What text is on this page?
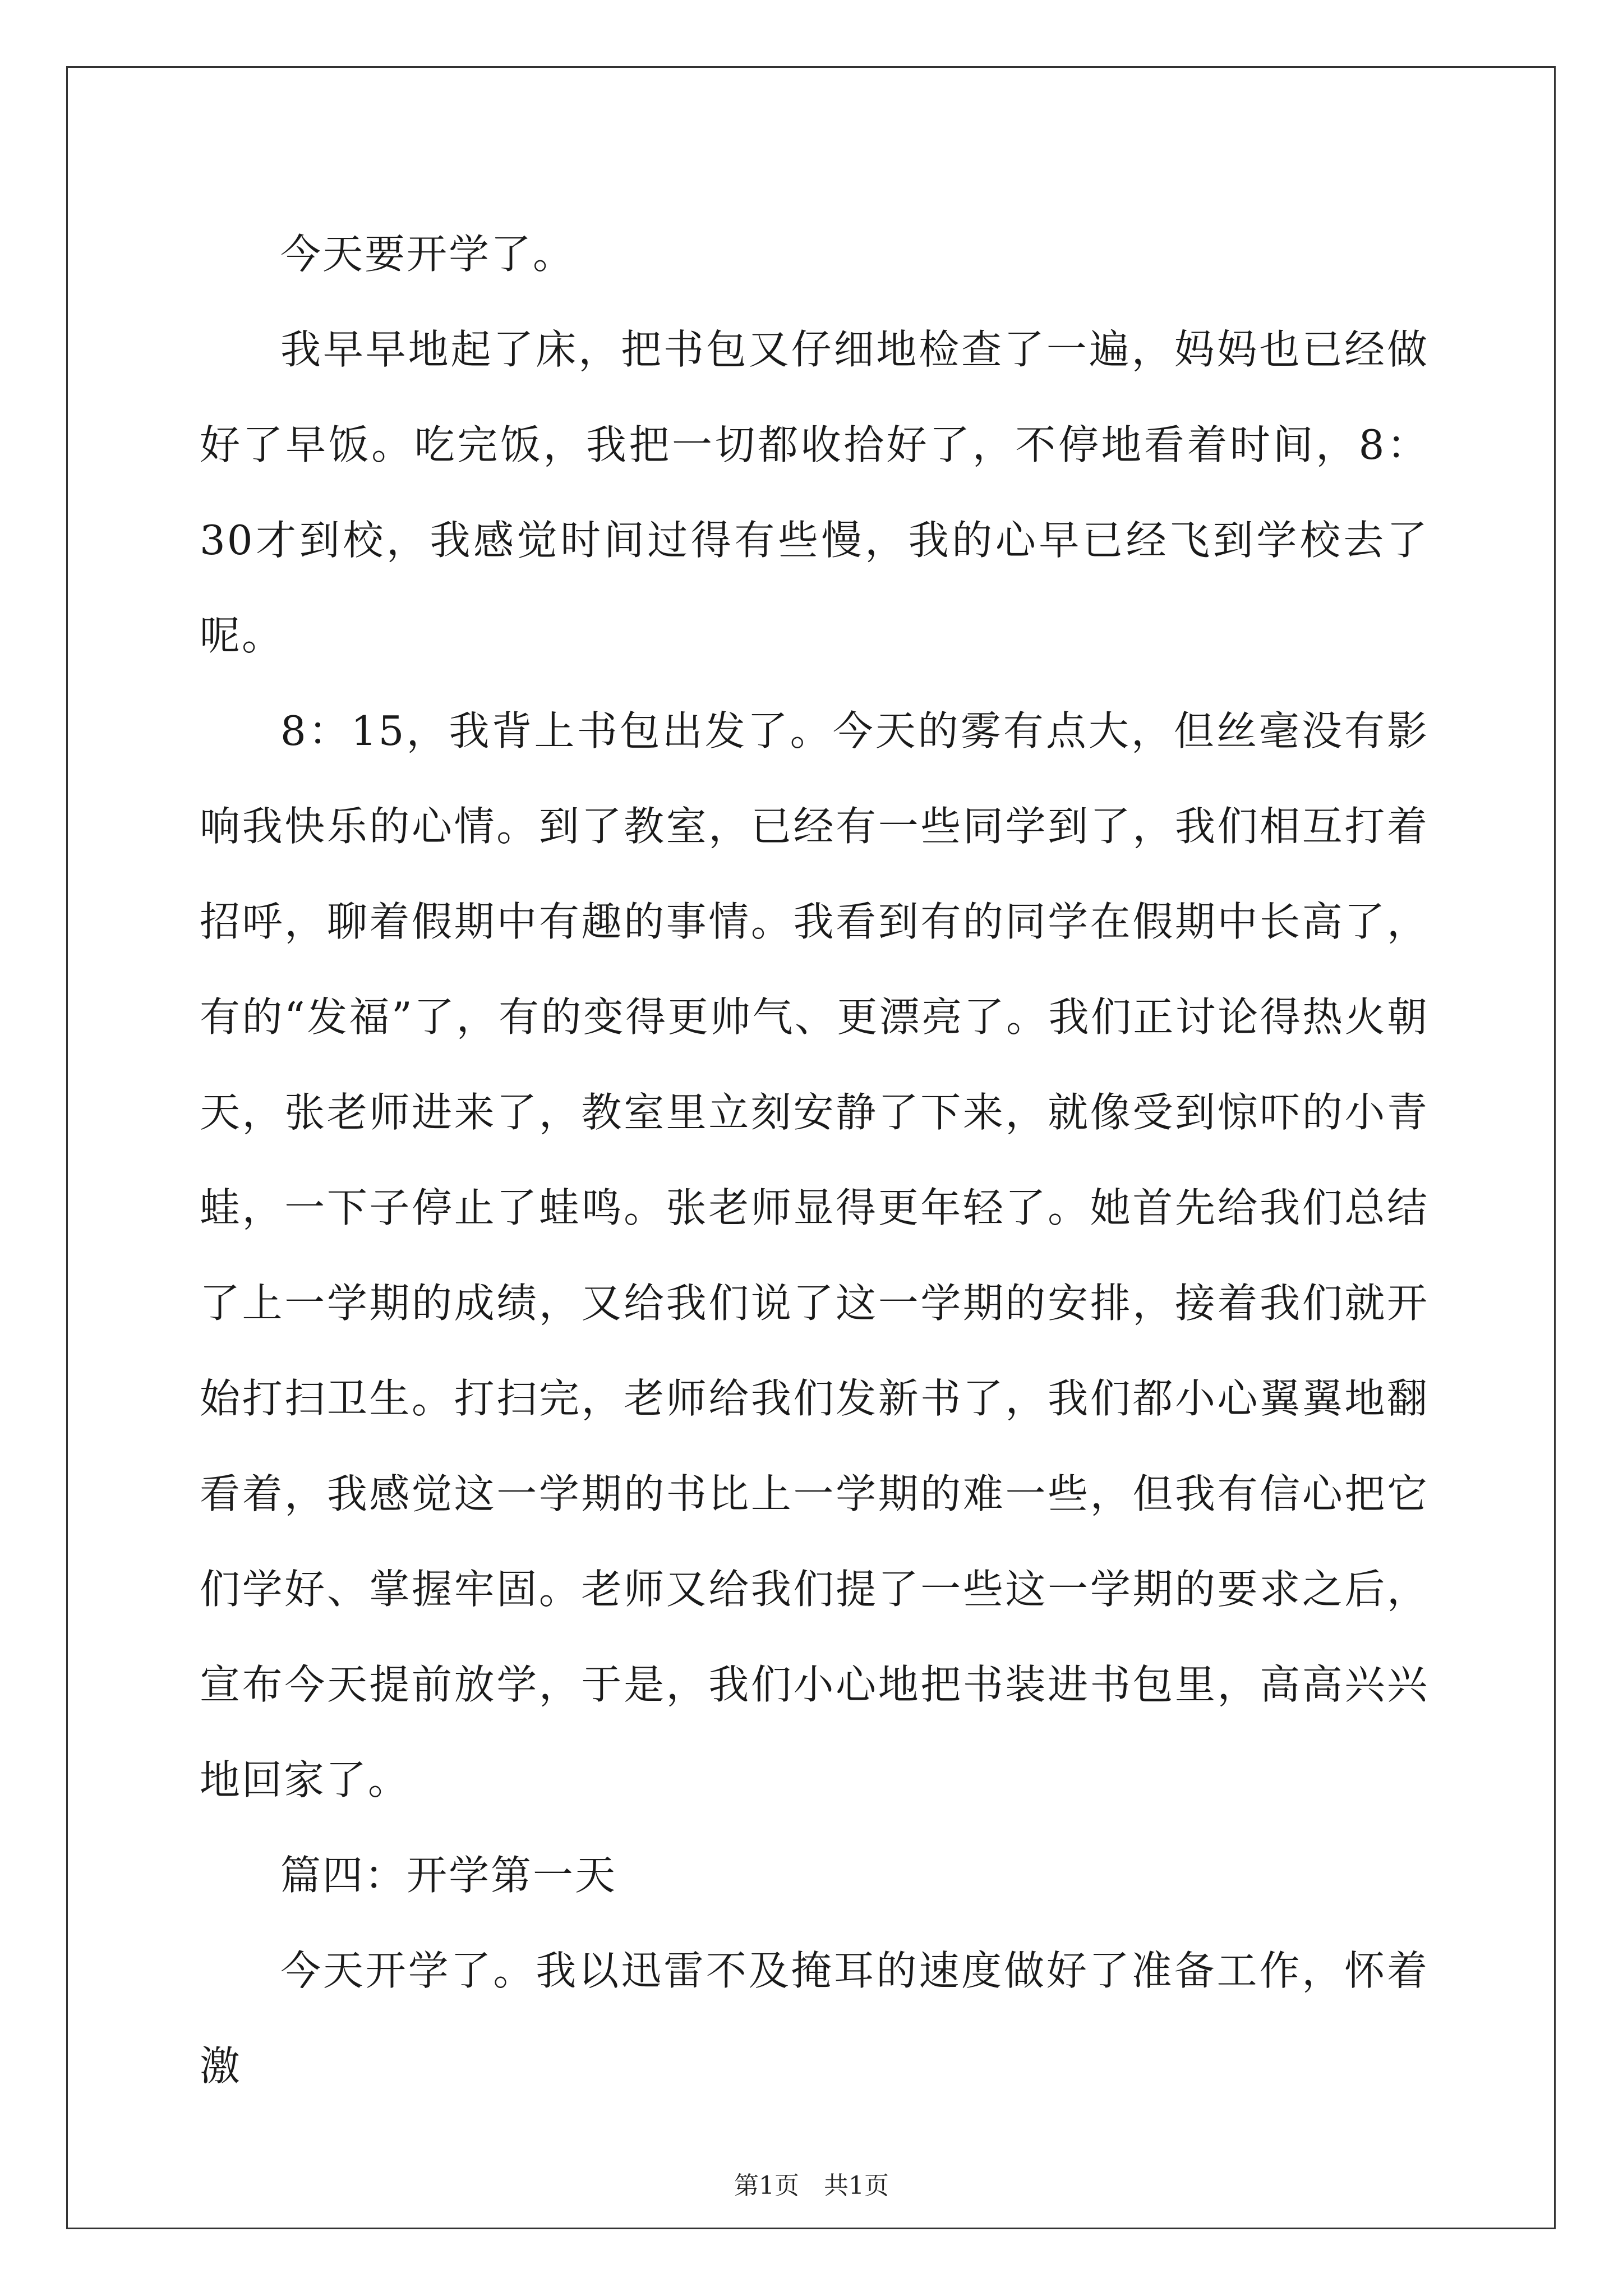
今天要开学了。

我早早地起了床，把书包又仔细地检查了一遍，妈妈也已经做好了早饭。吃完饭，我把一切都收拾好了，不停地看着时间，8：30才到校，我感觉时间过得有些慢，我的心早已经飞到学校去了呢。

8：15，我背上书包出发了。今天的雾有点大，但丝毫没有影响我快乐的心情。到了教室，已经有一些同学到了，我们相互打着招呼，聊着假期中有趣的事情。我看到有的同学在假期中长高了，有的“发福”了，有的变得更帅气、更漂亮了。我们正讨论得热火朝天，张老师进来了，教室里立刻安静了下来，就像受到惊吓的小青蛙，一下子停止了蛙鸣。张老师显得更年轻了。她首先给我们总结了上一学期的成绩，又给我们说了这一学期的安排，接着我们就开始打扫卫生。打扫完，老师给我们发新书了，我们都小心翼翼地翻看着，我感觉这一学期的书比上一学期的难一些，但我有信心把它们学好、掌握牢固。老师又给我们提了一些这一学期的要求之后，宣布今天提前放学，于是，我们小心地把书装进书包里，高高兴兴地回家了。

篇四：开学第一天

今天开学了。我以迅雷不及掩耳的速度做好了准备工作，怀着激

第1页　共1页
